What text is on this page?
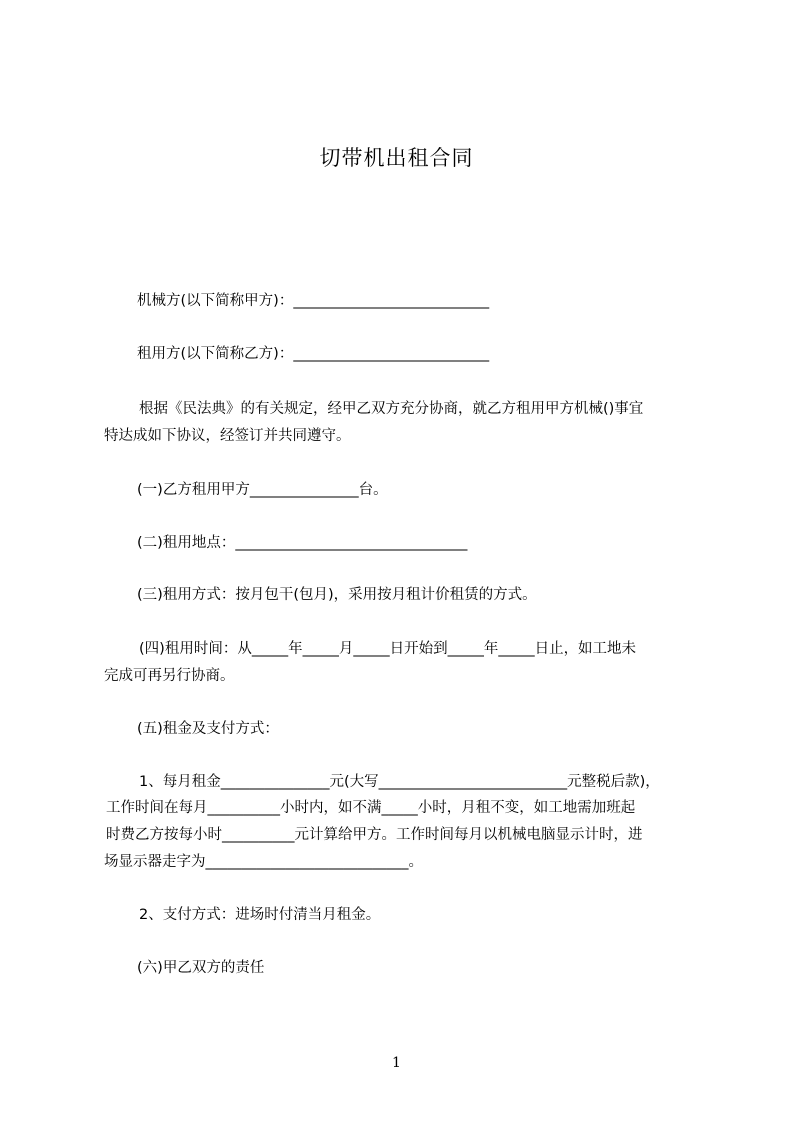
切带机出租合同
机械方(以下简称甲方)：___________________________
租用方(以下简称乙方)：___________________________
根据《民法典》的有关规定，经甲乙双方充分协商，就乙方租用甲方机械()事宜
特达成如下协议，经签订并共同遵守。
(一)乙方租用甲方_______________台。
(二)租用地点：________________________________
(三)租用方式：按月包干(包月)，采用按月租计价租赁的方式。
(四)租用时间：从_____年_____月_____日开始到_____年_____日止，如工地未
完成可再另行协商。
(五)租金及支付方式：
1、每月租金_______________元(大写__________________________元整税后款)，
工作时间在每月__________小时内，如不满_____小时，月租不变，如工地需加班起
时费乙方按每小时__________元计算给甲方。工作时间每月以机械电脑显示计时，进
场显示器走字为____________________________。
2、支付方式：进场时付清当月租金。
(六)甲乙双方的责任
1
